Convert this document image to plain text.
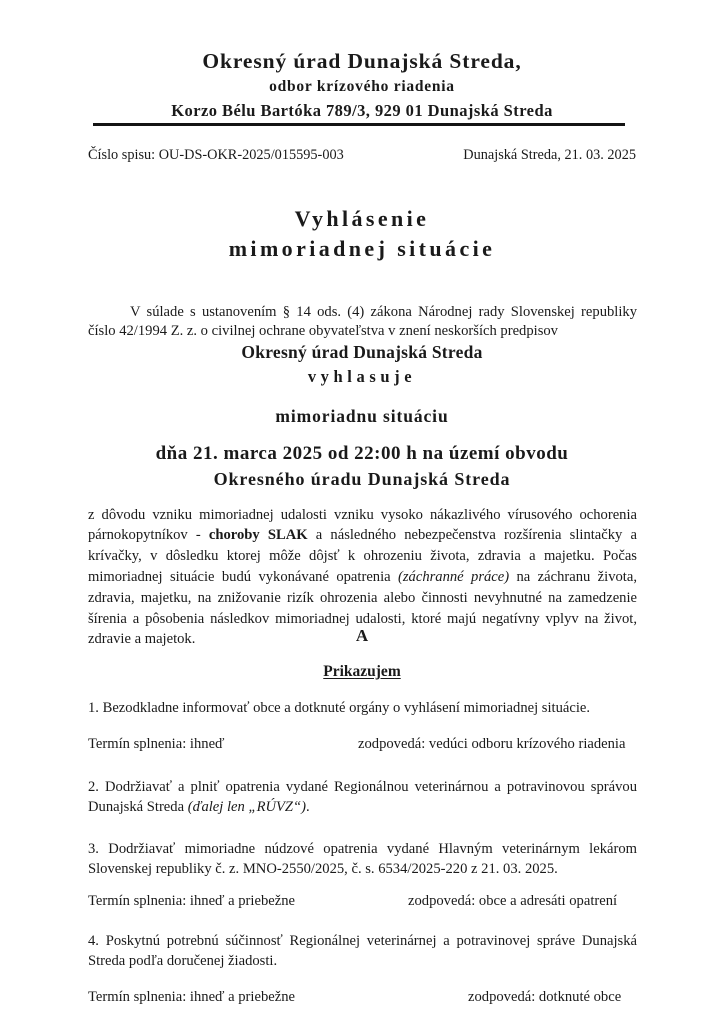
Okresný úrad Dunajská Streda,
odbor krízového riadenia
Korzo Bélu Bartóka 789/3, 929 01 Dunajská Streda
Číslo spisu: OU-DS-OKR-2025/015595-003	Dunajská Streda, 21. 03. 2025
Vyhlásenie
mimoriadnej situácie

V súlade s ustanovením § 14 ods. (4) zákona Národnej rady Slovenskej republiky číslo 42/1994 Z. z. o civilnej ochrane obyvateľstva v znení neskorších predpisov

Okresný úrad Dunajská Streda
vyhlasuje
mimoriadnu situáciu
dňa 21. marca 2025 od 22:00 h na území obvodu
Okresného úradu Dunajská Streda

z dôvodu vzniku mimoriadnej udalosti vzniku vysoko nákazlivého vírusového ochorenia párnokopytníkov - choroby SLAK a následného nebezpečenstva rozšírenia slintačky a krívačky, v dôsledku ktorej môže dôjsť k ohrozeniu života, zdravia a majetku. Počas mimoriadnej situácie budú vykonávané opatrenia (záchranné práce) na záchranu života, zdravia, majetku, na znižovanie rizík ohrozenia alebo činnosti nevyhnutné na zamedzenie šírenia a pôsobenia následkov mimoriadnej udalosti, ktoré majú negatívny vplyv na život, zdravie a majetok.	A
Prikazujem
1. Bezodkladne informovať obce a dotknuté orgány o vyhlásení mimoriadnej situácie.
Termín splnenia: ihneď	zodpovedá: vedúci odboru krízového riadenia
2. Dodržiavať a plniť opatrenia vydané Regionálnou veterinárnou a potravinovou správou Dunajská Streda (ďalej len „RÚVZ“).
3. Dodržiavať mimoriadne núdzové opatrenia vydané Hlavným veterinárnym lekárom Slovenskej republiky č. z. MNO-2550/2025, č. s. 6534/2025-220 z 21. 03. 2025.
Termín splnenia: ihneď a priebežne	zodpovedá: obce a adresáti opatrení
4. Poskytnú potrebnú súčinnosť Regionálnej veterinárnej a potravinovej správe Dunajská Streda podľa doručenej žiadosti.
Termín splnenia: ihneď a priebežne	zodpovedá: dotknuté obce
